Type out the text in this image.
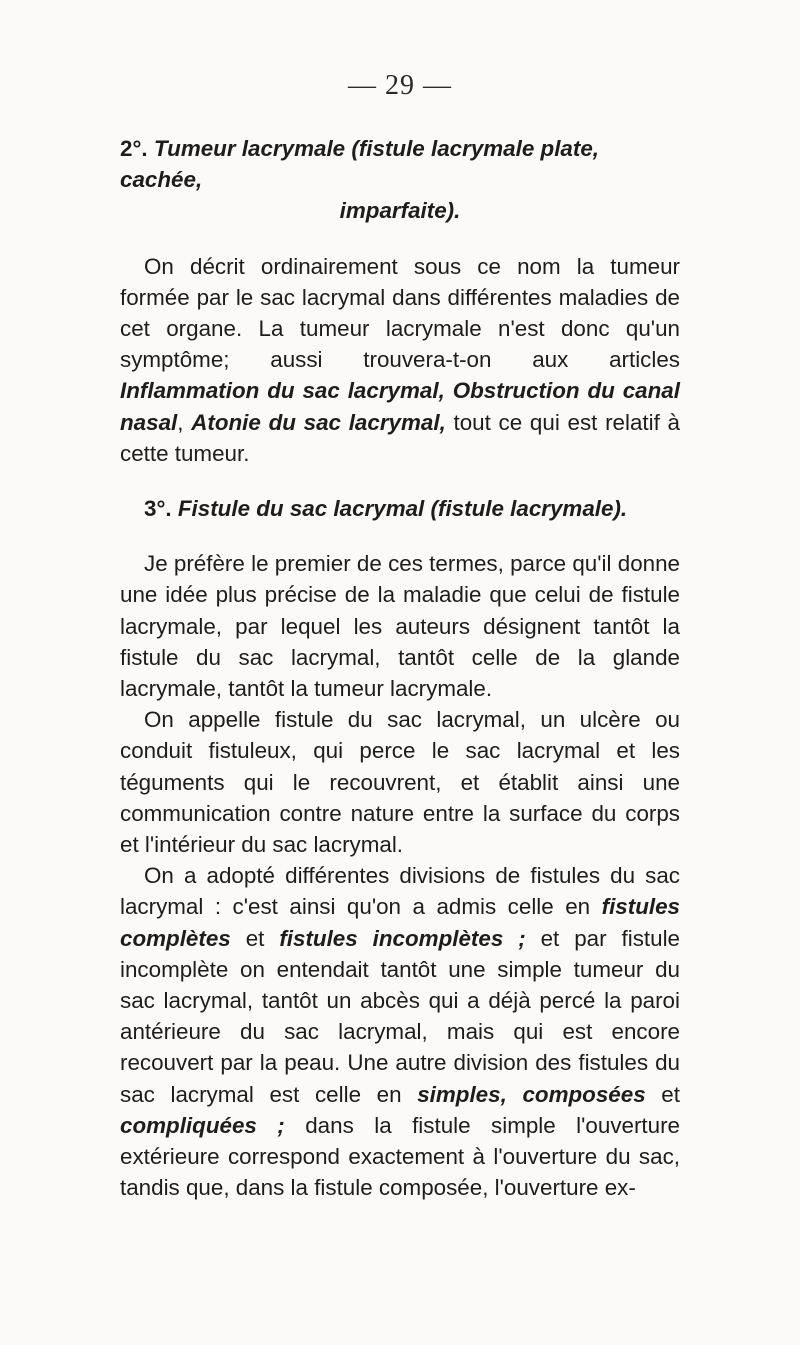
— 29 —
2°. Tumeur lacrymale (fistule lacrymale plate, cachée,
imparfaite).

On décrit ordinairement sous ce nom la tumeur formée par le sac lacrymal dans différentes maladies de cet organe. La tumeur lacrymale n'est donc qu'un symptôme; aussi trouvera-t-on aux articles Inflammation du sac lacrymal, Obstruction du canal nasal, Atonie du sac lacrymal, tout ce qui est relatif à cette tumeur.

3°. Fistule du sac lacrymal (fistule lacrymale).

Je préfère le premier de ces termes, parce qu'il donne une idée plus précise de la maladie que celui de fistule lacrymale, par lequel les auteurs désignent tantôt la fistule du sac lacrymal, tantôt celle de la glande lacrymale, tantôt la tumeur lacrymale.

On appelle fistule du sac lacrymal, un ulcère ou conduit fistuleux, qui perce le sac lacrymal et les téguments qui le recouvrent, et établit ainsi une communication contre nature entre la surface du corps et l'intérieur du sac lacrymal.

On a adopté différentes divisions de fistules du sac lacrymal : c'est ainsi qu'on a admis celle en fistules complètes et fistules incomplètes ; et par fistule incomplète on entendait tantôt une simple tumeur du sac lacrymal, tantôt un abcès qui a déjà percé la paroi antérieure du sac lacrymal, mais qui est encore recouvert par la peau. Une autre division des fistules du sac lacrymal est celle en simples, composées et compliquées ; dans la fistule simple l'ouverture extérieure correspond exactement à l'ouverture du sac, tandis que, dans la fistule composée, l'ouverture ex-
